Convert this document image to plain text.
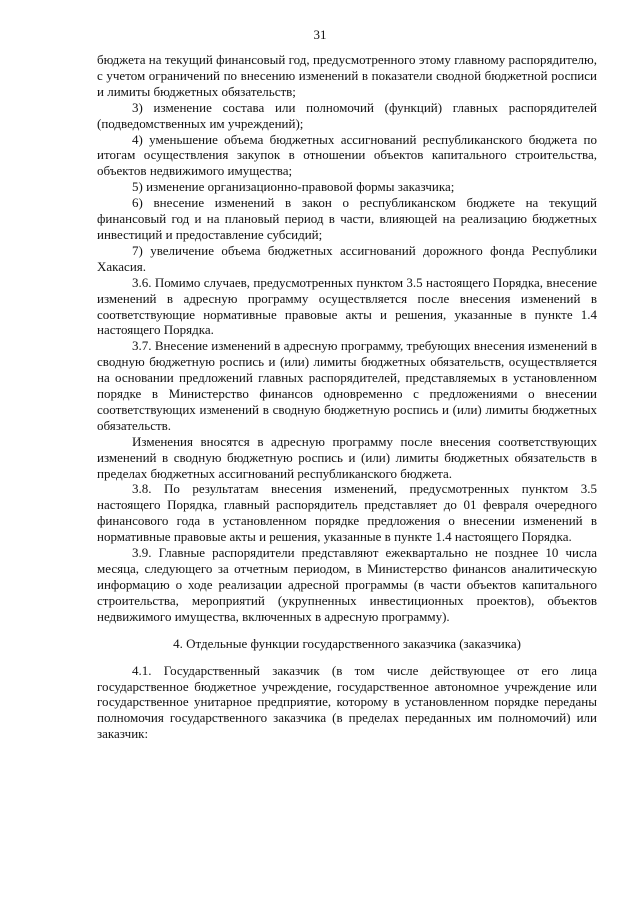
31

бюджета на текущий финансовый год, предусмотренного этому главному распорядителю, с учетом ограничений по внесению изменений в показатели сводной бюджетной росписи и лимиты бюджетных обязательств;

3) изменение состава или полномочий (функций) главных распорядителей (подведомственных им учреждений);

4) уменьшение объема бюджетных ассигнований республиканского бюджета по итогам осуществления закупок в отношении объектов капитального строительства, объектов недвижимого имущества;

5) изменение организационно-правовой формы заказчика;

6) внесение изменений в закон о республиканском бюджете на текущий финансовый год и на плановый период в части, влияющей на реализацию бюджетных инвестиций и предоставление субсидий;

7) увеличение объема бюджетных ассигнований дорожного фонда Республики Хакасия.

3.6. Помимо случаев, предусмотренных пунктом 3.5 настоящего Порядка, внесение изменений в адресную программу осуществляется после внесения изменений в соответствующие нормативные правовые акты и решения, указанные в пункте 1.4 настоящего Порядка.

3.7. Внесение изменений в адресную программу, требующих внесения изменений в сводную бюджетную роспись и (или) лимиты бюджетных обязательств, осуществляется на основании предложений главных распорядителей, представляемых в установленном порядке в Министерство финансов одновременно с предложениями о внесении соответствующих изменений в сводную бюджетную роспись и (или) лимиты бюджетных обязательств.

Изменения вносятся в адресную программу после внесения соответствующих изменений в сводную бюджетную роспись и (или) лимиты бюджетных обязательств в пределах бюджетных ассигнований республиканского бюджета.

3.8. По результатам внесения изменений, предусмотренных пунктом 3.5 настоящего Порядка, главный распорядитель представляет до 01 февраля очередного финансового года в установленном порядке предложения о внесении изменений в нормативные правовые акты и решения, указанные в пункте 1.4 настоящего Порядка.

3.9. Главные распорядители представляют ежеквартально не позднее 10 числа месяца, следующего за отчетным периодом, в Министерство финансов аналитическую информацию о ходе реализации адресной программы (в части объектов капитального строительства, мероприятий (укрупненных инвестиционных проектов), объектов недвижимого имущества, включенных в адресную программу).

4. Отдельные функции государственного заказчика (заказчика)

4.1. Государственный заказчик (в том числе действующее от его лица государственное бюджетное учреждение, государственное автономное учреждение или государственное унитарное предприятие, которому в установленном порядке переданы полномочия государственного заказчика (в пределах переданных им полномочий) или заказчик:
